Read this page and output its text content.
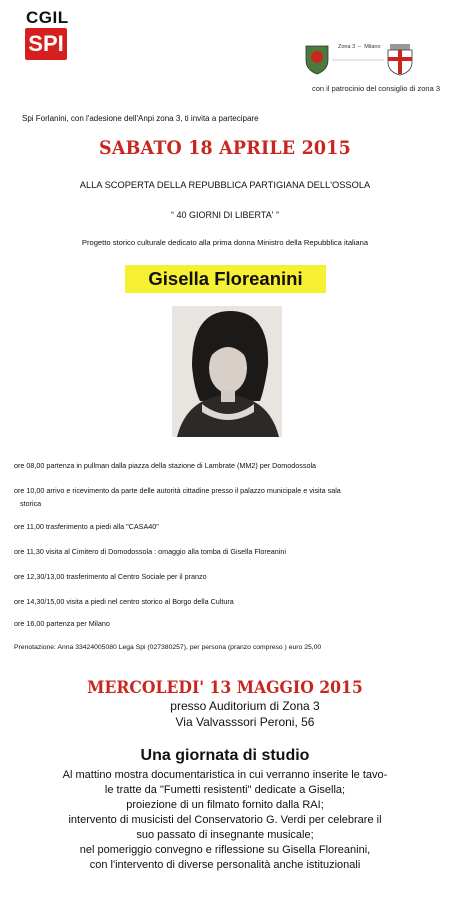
CGIL
SPI	Zona 3  –  Milano
con il patrocinio del consiglio di zona 3
Spi Forlanini, con l'adesione dell'Anpi zona 3, ti invita a partecipare
SABATO 18 APRILE 2015
ALLA SCOPERTA DELLA REPUBBLICA PARTIGIANA DELL'OSSOLA
“ 40 GIORNI DI LIBERTA' ”
Progetto storico culturale dedicato alla prima donna Ministro della Repubblica italiana
Gisella Floreanini
ore 08,00 partenza in pullman dalla piazza della stazione di Lambrate (MM2) per Domodossola
ore 10,00 arrivo e ricevimento da parte delle autorità cittadine presso il palazzo municipale e visita sala
storica
ore 11,00 trasferimento a piedi alla "CASA40"
ore 11,30 visita al Cimitero di Domodossola : omaggio alla tomba di Gisella Floreanini
ore 12,30/13,00 trasferimento al Centro Sociale per il pranzo
ore 14,30/15,00 visita a piedi nel centro storico al Borgo della Cultura
ore 16,00 partenza per Milano
Prenotazione: Anna 33424005080 Lega Spi (027380257), per persona (pranzo compreso ) euro 25,00
MERCOLEDI' 13 MAGGIO 2015
presso Auditorium di Zona 3
Via Valvasssori Peroni, 56
Una giornata di studio
Al mattino mostra documentaristica in cui verranno inserite le tavo-
le tratte da "Fumetti resistenti" dedicate a Gisella;
proiezione di un filmato fornito dalla RAI;
intervento di musicisti del Conservatorio G. Verdi per celebrare il
suo passato di insegnante musicale;
nel pomeriggio convegno e riflessione su Gisella Floreanini,
con l'intervento di diverse personalità anche istituzionali
